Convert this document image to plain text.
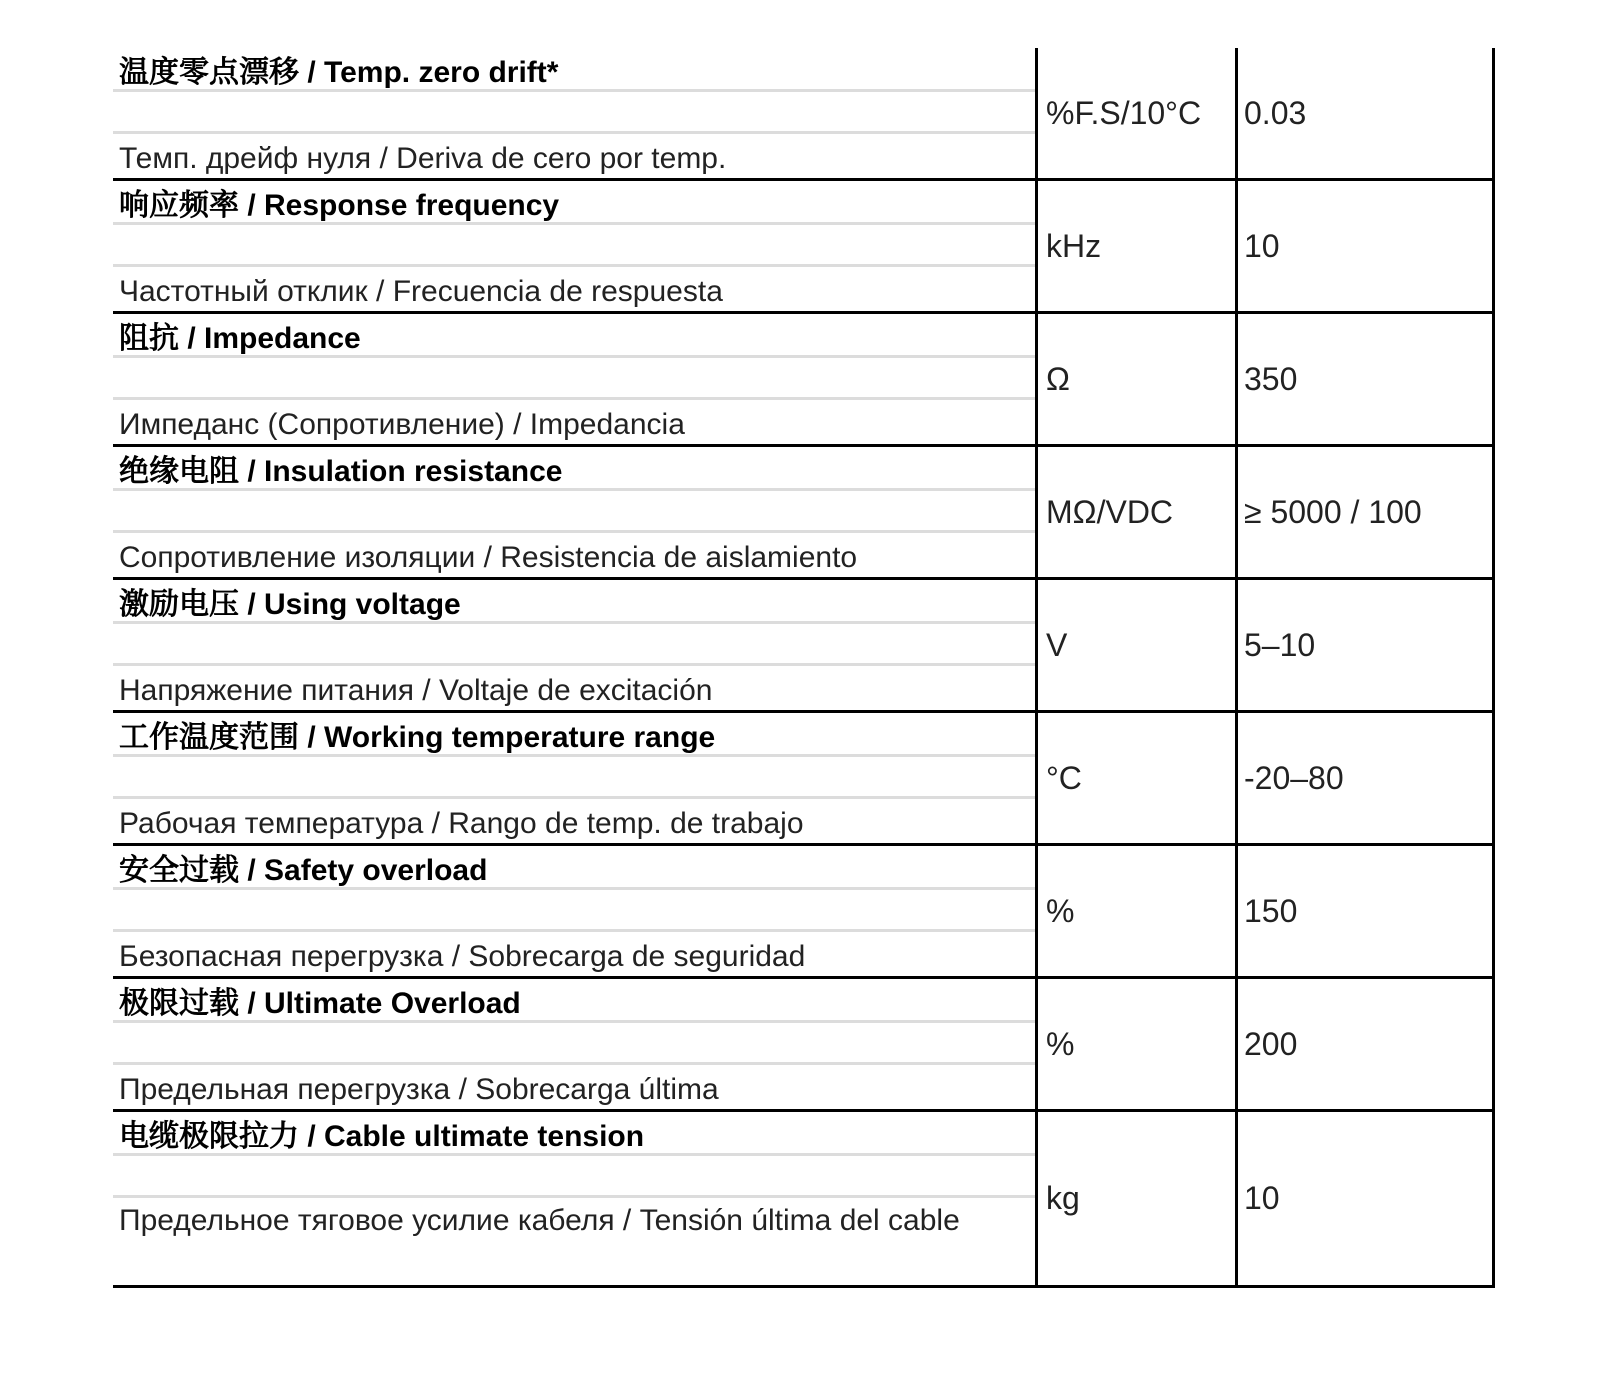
温度零点漂移 / Temp. zero drift*
Темп. дрейф нуля / Deriva de cero por temp.
%F.S/10°C	0.03
响应频率 / Response frequency
Частотный отклик / Frecuencia de respuesta
kHz	10
阻抗 / Impedance
Импеданс (Сопротивление) / Impedancia
Ω	350
绝缘电阻 / Insulation resistance
Сопротивление изоляции / Resistencia de aislamiento
MΩ/VDC	≥ 5000 / 100
激励电压 / Using voltage
Напряжение питания / Voltaje de excitación
V	5–10
工作温度范围 / Working temperature range
Рабочая температура / Rango de temp. de trabajo
°C	-20–80
安全过载 / Safety overload
Безопасная перегрузка / Sobrecarga de seguridad
%	150
极限过载 / Ultimate Overload
Предельная перегрузка / Sobrecarga última
%	200
电缆极限拉力 / Cable ultimate tension
Предельное тяговое усилие кабеля / Tensión última del cable
kg	10
